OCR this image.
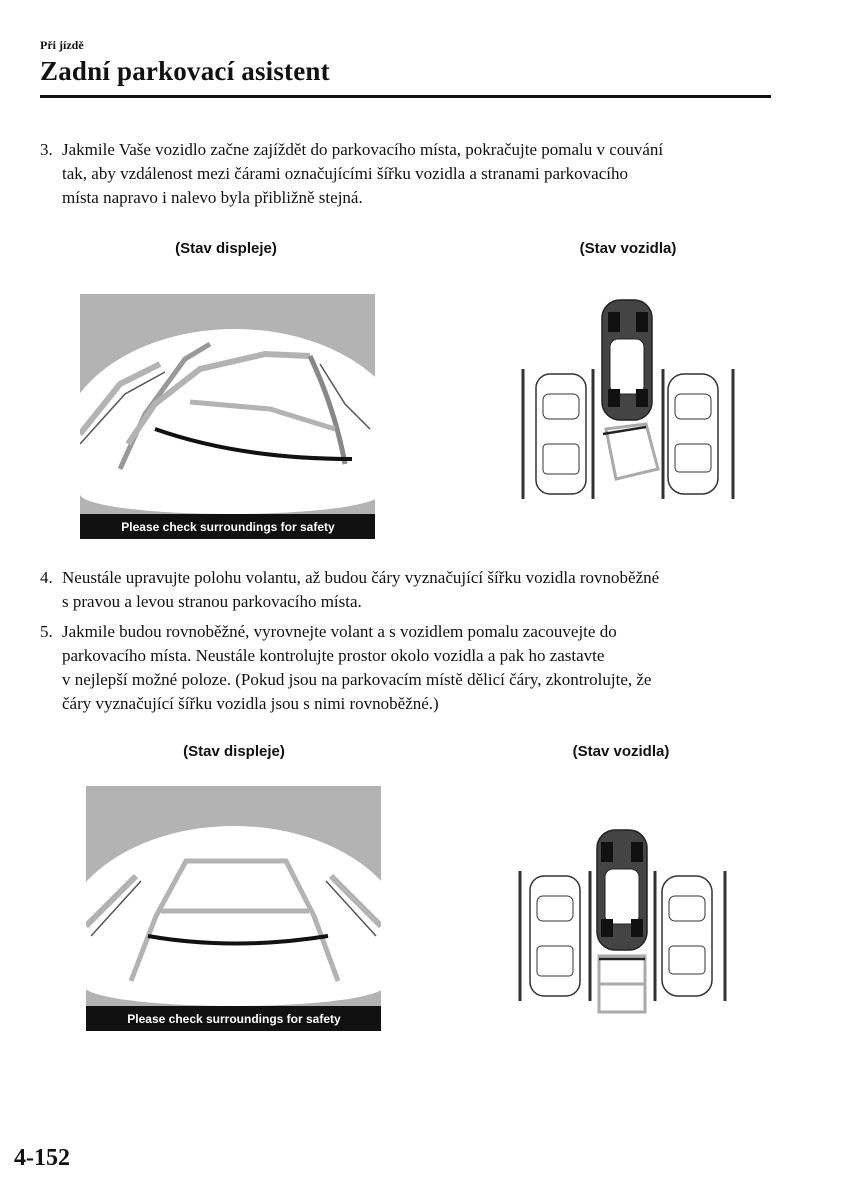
Při jízdě
Zadní parkovací asistent
3. Jakmile Vaše vozidlo začne zajíždět do parkovacího místa, pokračujte pomalu v couvání
tak, aby vzdálenost mezi čárami označujícími šířku vozidla a stranami parkovacího
místa napravo i nalevo byla přibližně stejná.
(Stav displeje)	(Stav vozidla)
Please check surroundings for safety
4. Neustále upravujte polohu volantu, až budou čáry vyznačující šířku vozidla rovnoběžné
s pravou a levou stranou parkovacího místa.
5. Jakmile budou rovnoběžné, vyrovnejte volant a s vozidlem pomalu zacouvejte do
parkovacího místa. Neustále kontrolujte prostor okolo vozidla a pak ho zastavte
v nejlepší možné poloze. (Pokud jsou na parkovacím místě dělicí čáry, zkontrolujte, že
čáry vyznačující šířku vozidla jsou s nimi rovnoběžné.)
(Stav displeje)	(Stav vozidla)
Please check surroundings for safety
4-152
